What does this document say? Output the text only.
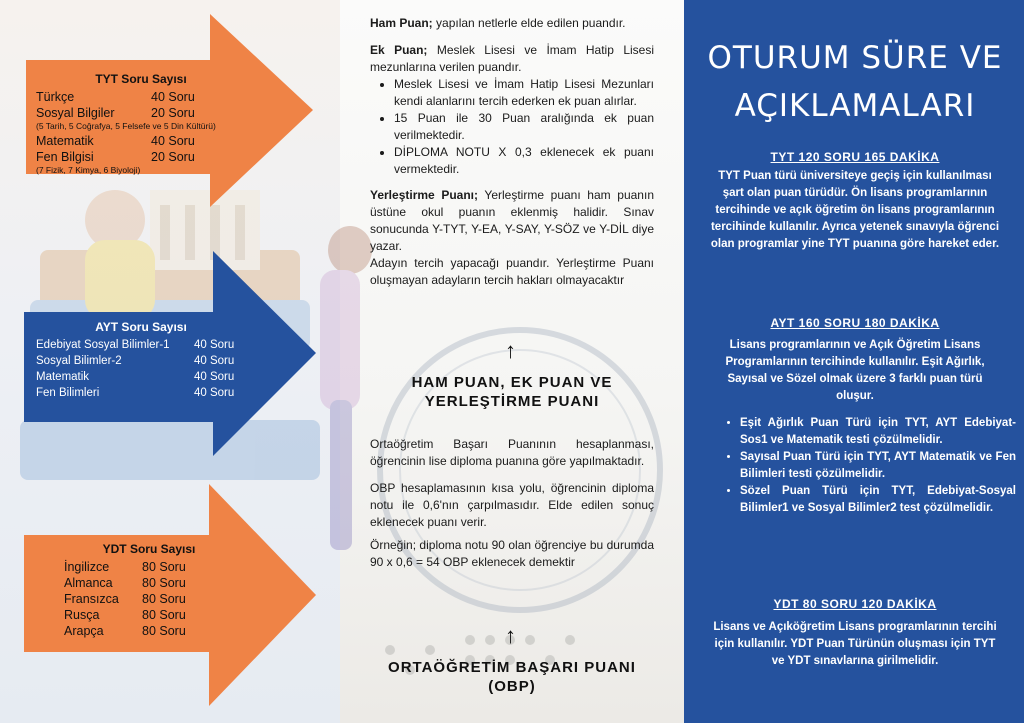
TYT Soru Sayısı
Türkçe	40 Soru
Sosyal Bilgiler	20 Soru
(5 Tarih, 5 Coğrafya, 5 Felsefe ve 5 Din Kültürü)
Matematik	40 Soru
Fen Bilgisi	20 Soru
(7 Fizik, 7 Kimya, 6 Biyoloji)
AYT Soru Sayısı
Edebiyat Sosyal Bilimler-1	40 Soru
Sosyal Bilimler-2	40 Soru
Matematik	40 Soru
Fen Bilimleri	40 Soru
YDT Soru Sayısı
İngilizce	80 Soru
Almanca	80 Soru
Fransızca	80 Soru
Rusça	80 Soru
Arapça	80 Soru

Ham Puan; yapılan netlerle elde edilen puandır.

Ek Puan; Meslek Lisesi ve İmam Hatip Lisesi mezunlarına verilen puandır.

• Meslek Lisesi ve İmam Hatip Lisesi Mezunları kendi alanlarını tercih ederken ek puan alırlar.
• 15 Puan ile 30 Puan aralığında ek puan verilmektedir.
• DİPLOMA NOTU X 0,3 eklenecek ek puanı vermektedir.

Yerleştirme Puanı; Yerleştirme puanı ham puanın üstüne okul puanın eklenmiş halidir. Sınav sonucunda Y-TYT, Y-EA, Y-SAY, Y-SÖZ ve Y-DİL diye yazar.

Adayın tercih yapacağı puandır. Yerleştirme Puanı oluşmayan adayların tercih hakları olmayacaktır

↑
HAM PUAN, EK PUAN VE YERLEŞTİRME PUANI

Ortaöğretim Başarı Puanının hesaplanması, öğrencinin lise diploma puanına göre yapılmaktadır.

OBP hesaplamasının kısa yolu, öğrencinin diploma notu ile 0,6'nın çarpılmasıdır. Elde edilen sonuç eklenecek puanı verir.

Örneğin; diploma notu 90 olan öğrenciye bu durumda 90 x 0,6 = 54 OBP eklenecek demektir

↑
ORTAÖĞRETİM BAŞARI PUANI (OBP)
OTURUM SÜRE VE AÇIKLAMALARI
TYT 120 SORU 165 DAKİKA

TYT Puan türü üniversiteye geçiş için kullanılması şart olan puan türüdür. Ön lisans programlarının tercihinde ve açık öğretim ön lisans programlarının tercihinde kullanılır. Ayrıca yetenek sınavıyla öğrenci olan programlar yine TYT puanına göre hareket eder.

AYT 160 SORU 180 DAKİKA

Lisans programlarının ve Açık Öğretim Lisans Programlarının tercihinde kullanılır. Eşit Ağırlık, Sayısal ve Sözel olmak üzere 3 farklı puan türü oluşur.

• Eşit Ağırlık Puan Türü için TYT, AYT Edebiyat-Sos1 ve Matematik testi çözülmelidir.
• Sayısal Puan Türü için TYT, AYT Matematik ve Fen Bilimleri testi çözülmelidir.
• Sözel Puan Türü için TYT, Edebiyat-Sosyal Bilimler1 ve Sosyal Bilimler2 test çözülmelidir.
YDT 80 SORU 120 DAKİKA

Lisans ve Açıköğretim Lisans programlarının tercihi için kullanılır. YDT Puan Türünün oluşması için TYT ve YDT sınavlarına girilmelidir.
